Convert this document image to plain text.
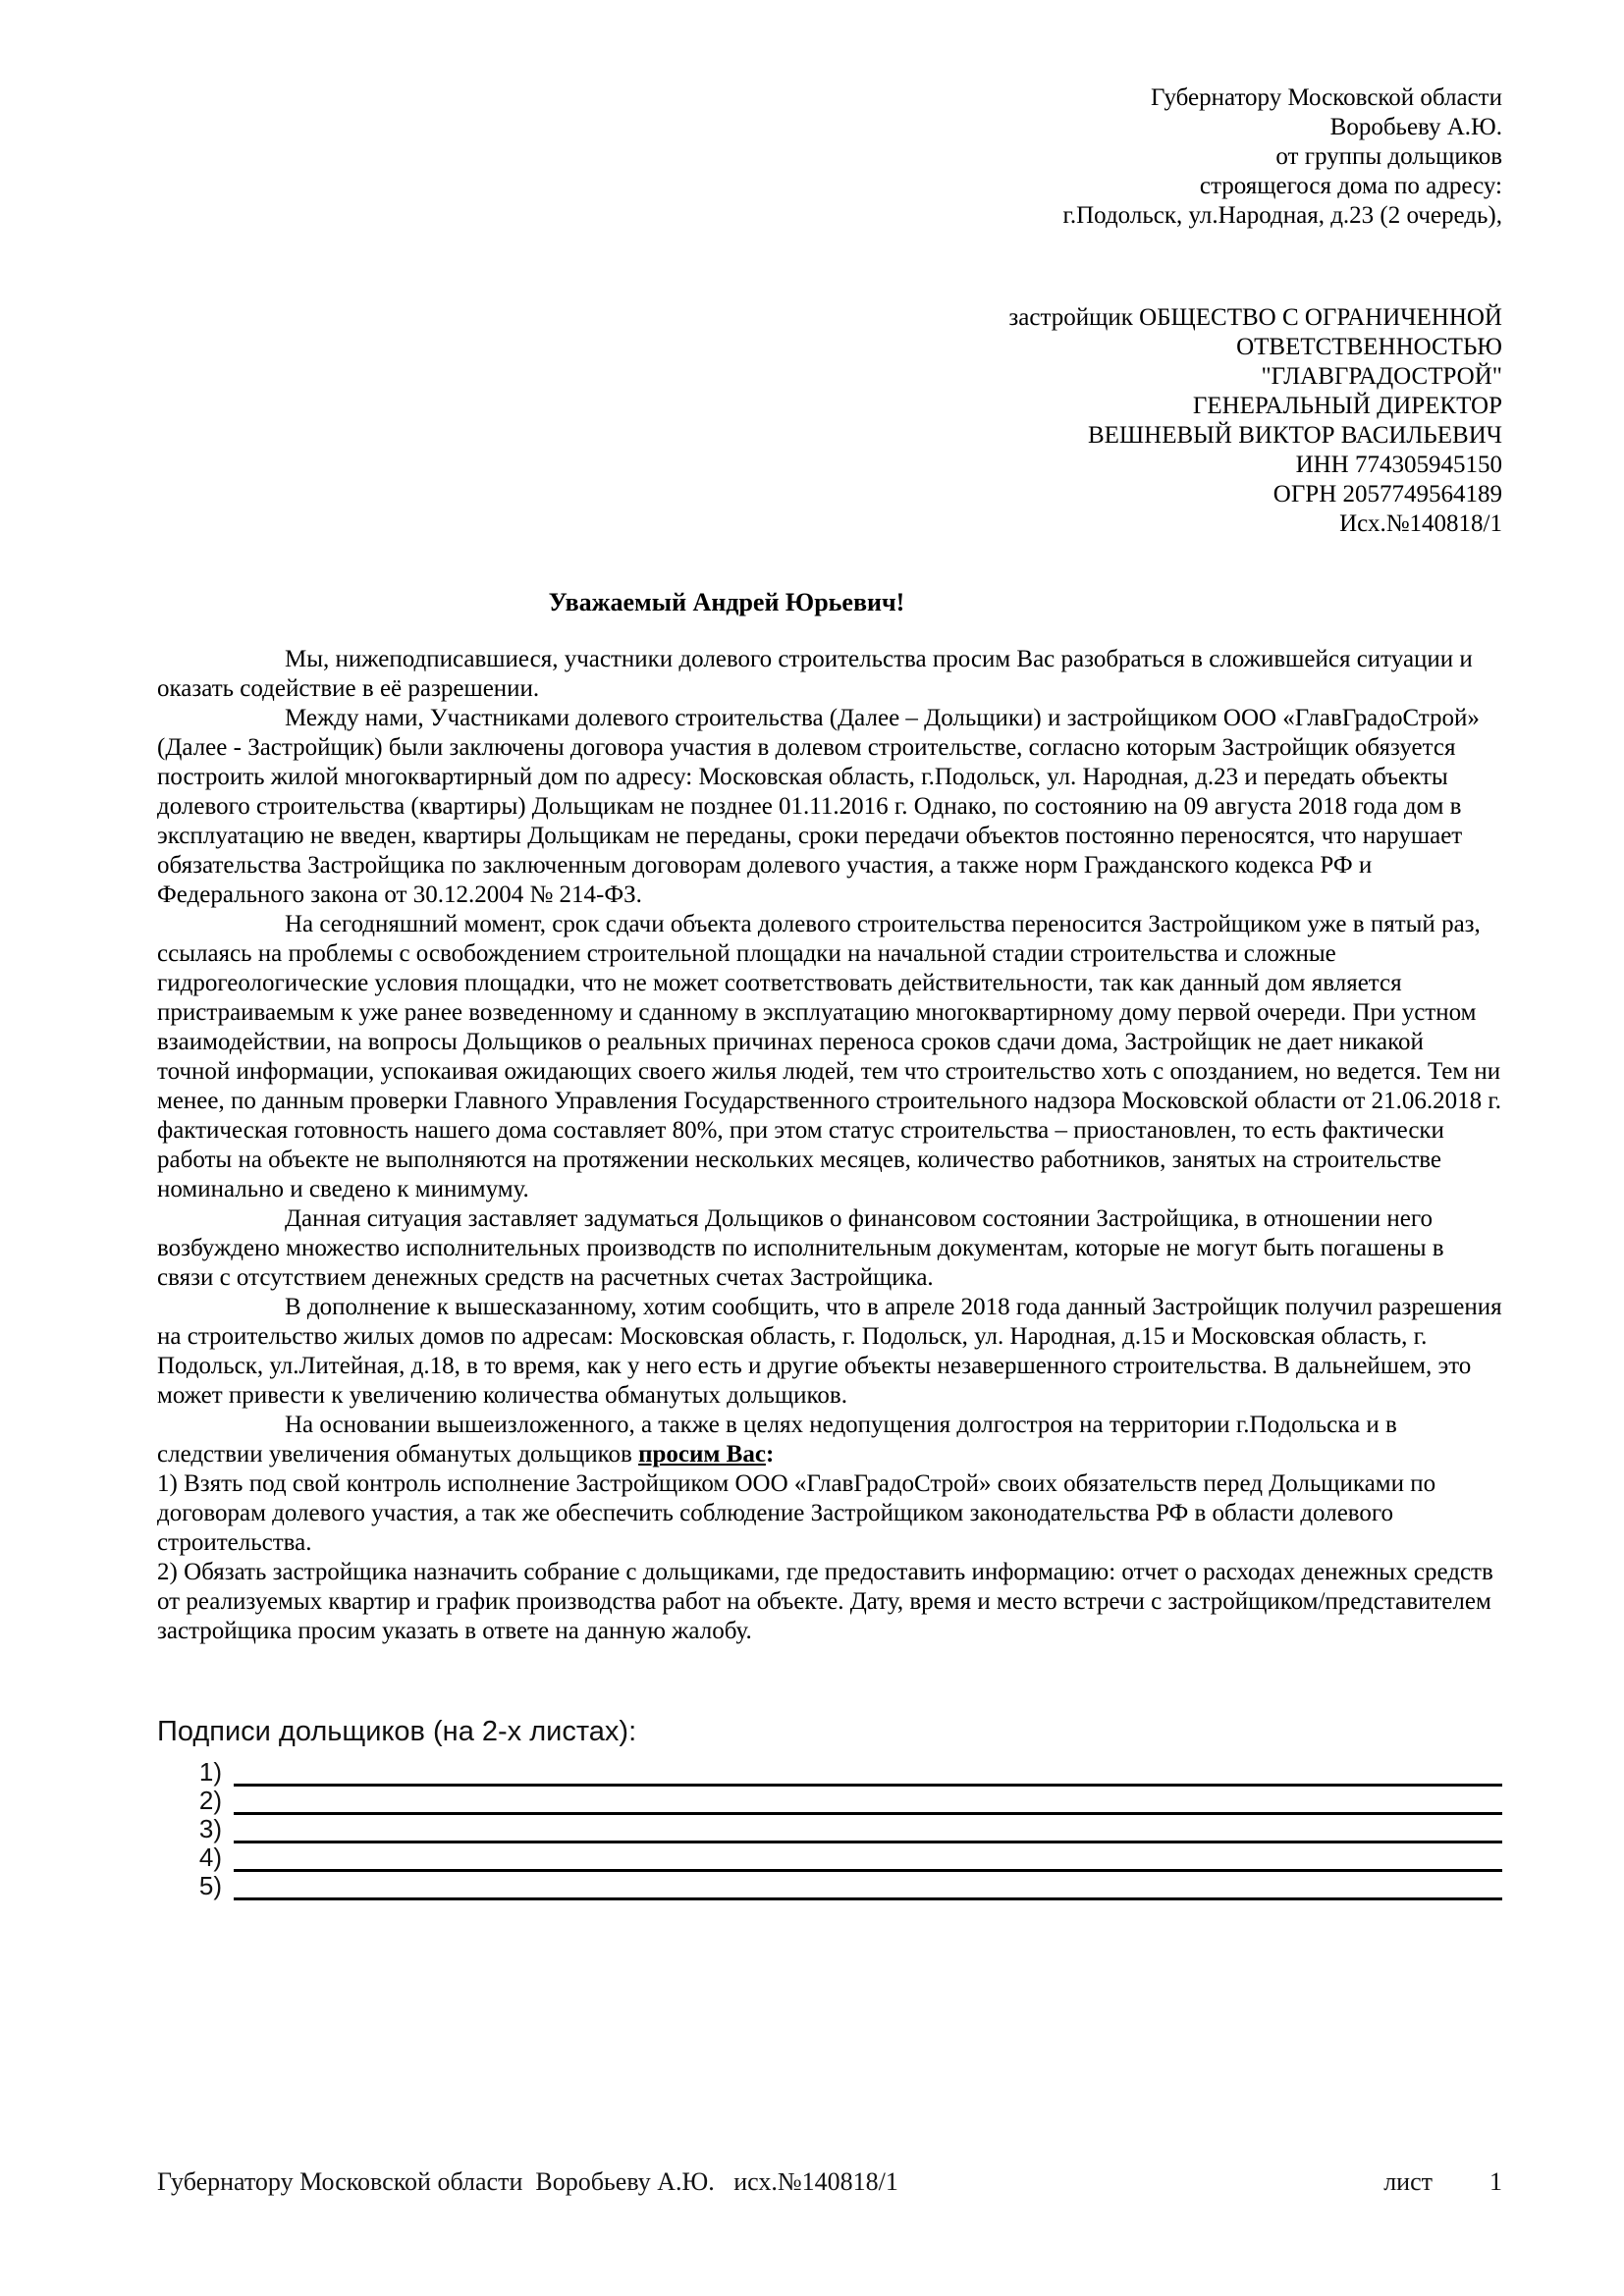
Губернатору Московской области
Воробьеву А.Ю.
от группы дольщиков
строящегося дома по адресу:
г.Подольск, ул.Народная, д.23 (2 очередь),
застройщик ОБЩЕСТВО С ОГРАНИЧЕННОЙ
ОТВЕТСТВЕННОСТЬЮ
"ГЛАВГРАДОСТРОЙ"
ГЕНЕРАЛЬНЫЙ ДИРЕКТОР
ВЕШНЕВЫЙ ВИКТОР ВАСИЛЬЕВИЧ
ИНН 774305945150
ОГРН 2057749564189
Исх.№140818/1
Уважаемый Андрей Юрьевич!

Мы, нижеподписавшиеся, участники долевого строительства просим Вас разобраться в сложившейся ситуации и оказать содействие в её разрешении.

Между нами, Участниками долевого строительства (Далее – Дольщики) и застройщиком ООО «ГлавГрадоСтрой» (Далее - Застройщик) были заключены договора участия в долевом строительстве, согласно которым Застройщик обязуется построить жилой многоквартирный дом по адресу: Московская область, г.Подольск, ул. Народная, д.23 и передать объекты долевого строительства (квартиры) Дольщикам не позднее 01.11.2016 г. Однако, по состоянию на 09 августа 2018 года дом в эксплуатацию не введен, квартиры Дольщикам не переданы, сроки передачи объектов постоянно переносятся, что нарушает обязательства Застройщика по заключенным договорам долевого участия, а также норм Гражданского кодекса РФ и Федерального закона от 30.12.2004 № 214-ФЗ.

На сегодняшний момент, срок сдачи объекта долевого строительства переносится Застройщиком уже в пятый раз, ссылаясь на проблемы с освобождением строительной площадки на начальной стадии строительства и сложные гидрогеологические условия площадки, что не может соответствовать действительности, так как данный дом является пристраиваемым к уже ранее возведенному и сданному в эксплуатацию многоквартирному дому первой очереди. При устном взаимодействии, на вопросы Дольщиков о реальных причинах переноса сроков сдачи дома, Застройщик не дает никакой точной информации, успокаивая ожидающих своего жилья людей, тем что строительство хоть с опозданием, но ведется. Тем ни менее, по данным проверки Главного Управления Государственного строительного надзора Московской области от 21.06.2018 г. фактическая готовность нашего дома составляет 80%, при этом статус строительства – приостановлен, то есть фактически работы на объекте не выполняются на протяжении нескольких месяцев, количество работников, занятых на строительстве номинально и сведено к минимуму.

Данная ситуация заставляет задуматься Дольщиков о финансовом состоянии Застройщика, в отношении него возбуждено множество исполнительных производств по исполнительным документам, которые не могут быть погашены в связи с отсутствием денежных средств на расчетных счетах Застройщика.

В дополнение к вышесказанному, хотим сообщить, что в апреле 2018 года данный Застройщик получил разрешения на строительство жилых домов по адресам: Московская область, г. Подольск, ул. Народная, д.15 и Московская область, г. Подольск, ул.Литейная, д.18, в то время, как у него есть и другие объекты незавершенного строительства. В дальнейшем, это может привести к увеличению количества обманутых дольщиков.

На основании вышеизложенного, а также в целях недопущения долгостроя на территории г.Подольска и в следствии увеличения обманутых дольщиков просим Вас:

1) Взять под свой контроль исполнение Застройщиком ООО «ГлавГрадоСтрой» своих обязательств перед Дольщиками по договорам долевого участия, а так же обеспечить соблюдение Застройщиком законодательства РФ в области долевого строительства.

2) Обязать застройщика назначить собрание с дольщиками, где предоставить информацию: отчет о расходах денежных средств от реализуемых квартир и график производства работ на объекте. Дату, время и место встречи с застройщиком/представителем застройщика просим указать в ответе на данную жалобу.

Подписи дольщиков (на 2-х листах):
1)
2)
3)
4)
5)
Губернатору Московской области  Воробьеву А.Ю.   исх.№140818/1	лист 1
